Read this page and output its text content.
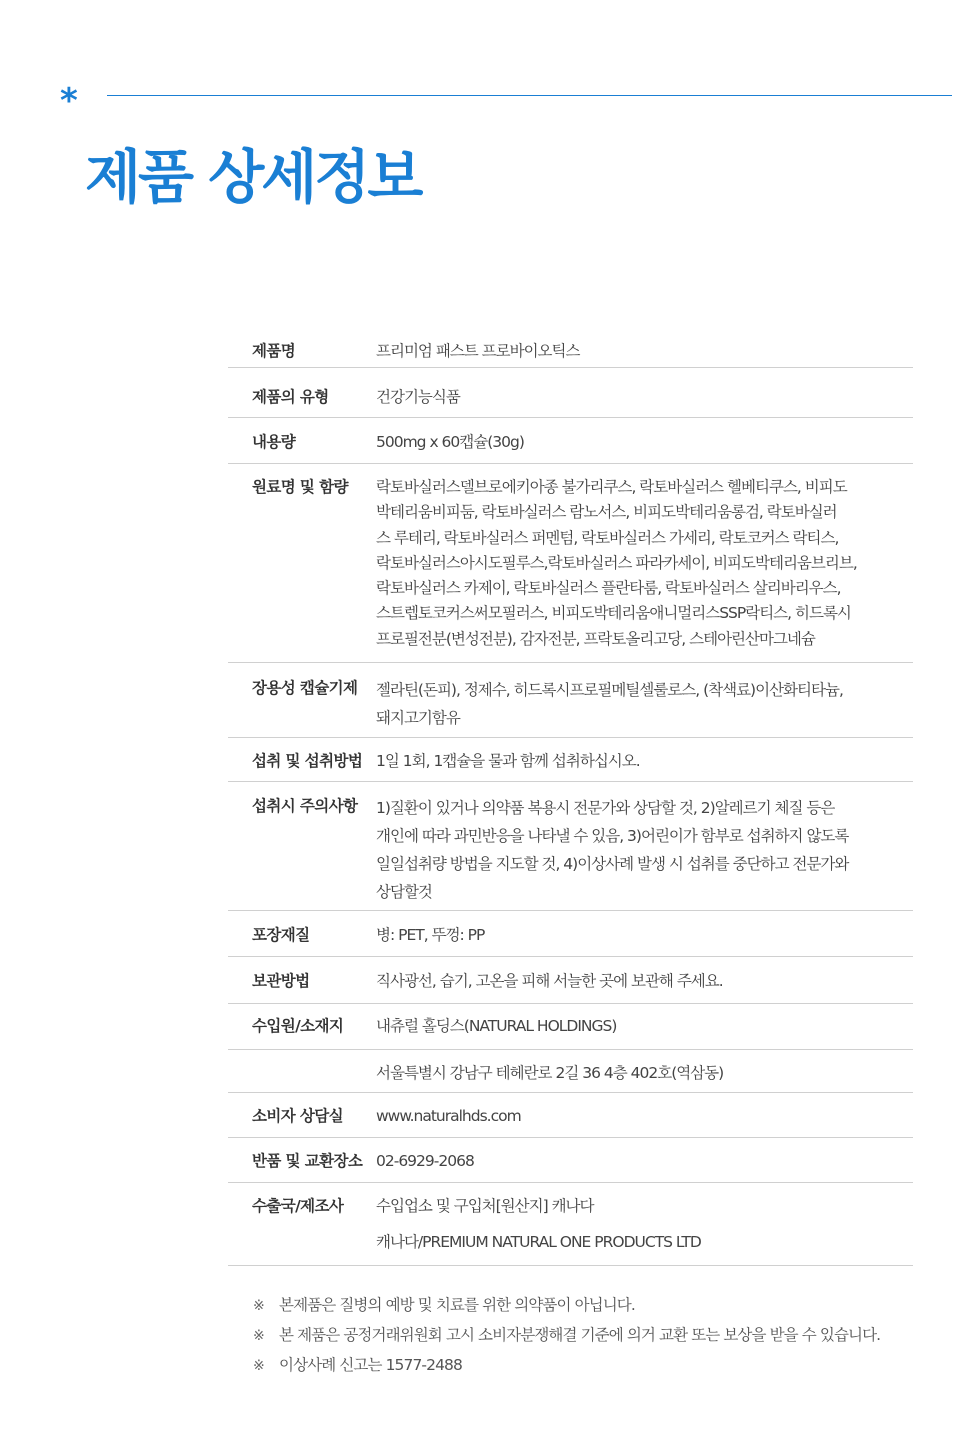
*
제품 상세정보
제품명	프리미엄 패스트 프로바이오틱스
제품의 유형	건강기능식품
내용량	500mg x 60캡슐(30g)
원료명 및 함량	락토바실러스델브로에키아종 불가리쿠스, 락토바실러스 헬베티쿠스, 비피도
박테리움비피둠, 락토바실러스 람노서스, 비피도박테리움롱검, 락토바실러
스 루테리, 락토바실러스 퍼멘텀, 락토바실러스 가세리, 락토코커스 락티스,
락토바실러스아시도필루스,락토바실러스 파라카세이, 비피도박테리움브리브,
락토바실러스 카제이, 락토바실러스 플란타룸, 락토바실러스 살리바리우스,
스트렙토코커스써모필러스, 비피도박테리움애니멀리스SSP락티스, 히드록시
프로필전분(변성전분), 감자전분, 프락토올리고당, 스테아린산마그네슘
장용성 캡슐기제	젤라틴(돈피), 정제수, 히드록시프로필메틸셀룰로스, (착색료)이산화티타늄,
돼지고기함유
섭취 및 섭취방법 1일 1회, 1캡슐을 물과 함께 섭취하십시오.
섭취시 주의사항	1)질환이 있거나 의약품 복용시 전문가와 상담할 것, 2)알레르기 체질 등은
개인에 따라 과민반응을 나타낼 수 있음, 3)어린이가 함부로 섭취하지 않도록
일일섭취량 방법을 지도할 것, 4)이상사례 발생 시 섭취를 중단하고 전문가와
상담할것
포장재질	병: PET, 뚜껑: PP
보관방법	직사광선, 습기, 고온을 피해 서늘한 곳에 보관해 주세요.
수입원/소재지	내츄럴 홀딩스(NATURAL HOLDINGS)
서울특별시 강남구 테헤란로 2길 36 4층 402호(역삼동)
소비자 상담실	www.naturalhds.com
반품 및 교환장소 02-6929-2068
수출국/제조사	수입업소 및 구입처[원산지] 캐나다
캐나다/PREMIUM NATURAL ONE PRODUCTS LTD
※ 본제품은 질병의 예방 및 치료를 위한 의약품이 아닙니다.
※ 본 제품은 공정거래위원회 고시 소비자분쟁해결 기준에 의거 교환 또는 보상을 받을 수 있습니다.
※ 이상사례 신고는 1577-2488
